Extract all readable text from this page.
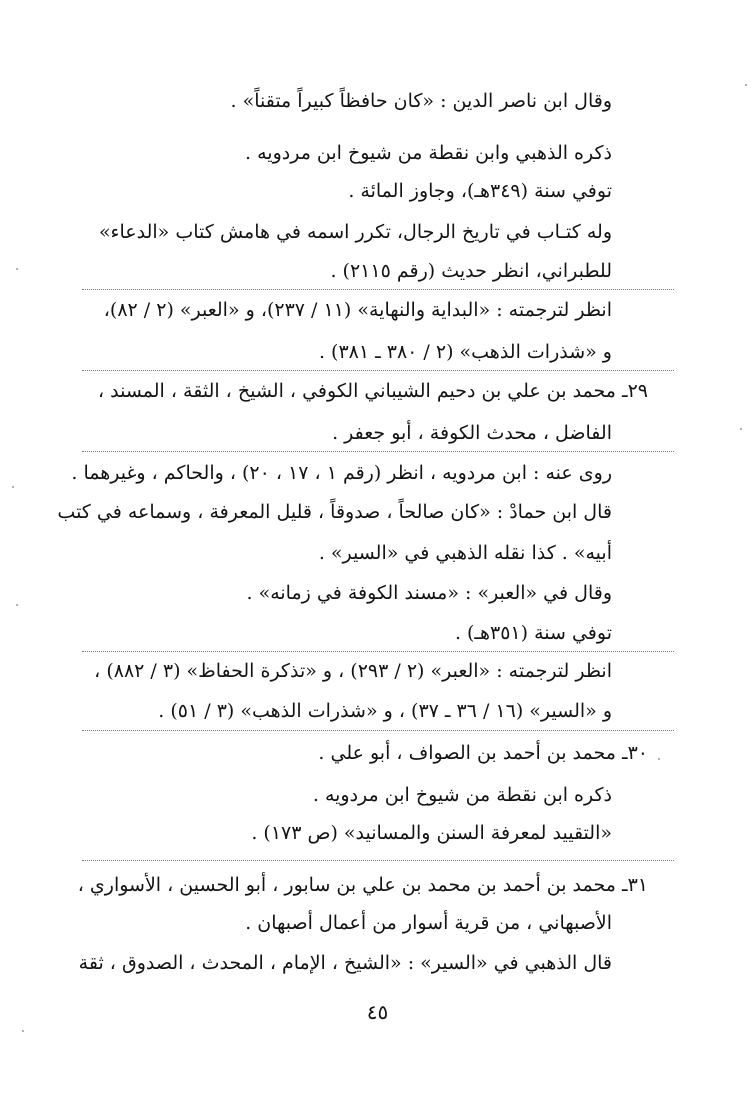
وقال ابن ناصر الدين : «كان حافظاً كبيراً متقناً» .
ذكره الذهبي وابن نقطة من شيوخ ابن مردويه .
توفي سنة (٣٤٩هـ)، وجاوز المائة .
وله كتـاب في تاريخ الرجال، تكرر اسمه في هامش كتاب «الدعاء»
للطبراني، انظر حديث (رقم ٢١١٥) .
انظر لترجمته : «البداية والنهاية» (١١ / ٢٣٧)، و «العبر» (٢ / ٨٢)،
و «شذرات الذهب» (٢ / ٣٨٠ ـ ٣٨١) .
٢٩ـ محمد بن علي بن دحيم الشيباني الكوفي ، الشيخ ، الثقة ، المسند ،
الفاضل ، محدث الكوفة ، أبو جعفر .
روى عنه : ابن مردويه ، انظر (رقم ١ ، ١٧ ، ٢٠) ، والحاكم ، وغيرهما .
قال ابن حمادْ : «كان صالحاً ، صدوقاً ، قليل المعرفة ، وسماعه في كتب
أبيه» . كذا نقله الذهبي في «السير» .
وقال في «العبر» : «مسند الكوفة في زمانه» .
توفي سنة (٣٥١هـ) .
انظر لترجمته : «العبر» (٢ / ٢٩٣) ، و «تذكرة الحفاظ» (٣ / ٨٨٢) ،
و «السير» (١٦ / ٣٦ ـ ٣٧) ، و «شذرات الذهب» (٣ / ٥١) .
٣٠ـ محمد بن أحمد بن الصواف ، أبو علي .
ذكره ابن نقطة من شيوخ ابن مردويه .
«التقييد لمعرفة السنن والمسانيد» (ص ١٧٣) .
٣١ـ محمد بن أحمد بن محمد بن علي بن سابور ، أبو الحسين ، الأسواري ،
الأصبهاني ، من قرية أسوار من أعمال أصبهان .
قال الذهبي في «السير» : «الشيخ ، الإمام ، المحدث ، الصدوق ، ثقة
٤٥
